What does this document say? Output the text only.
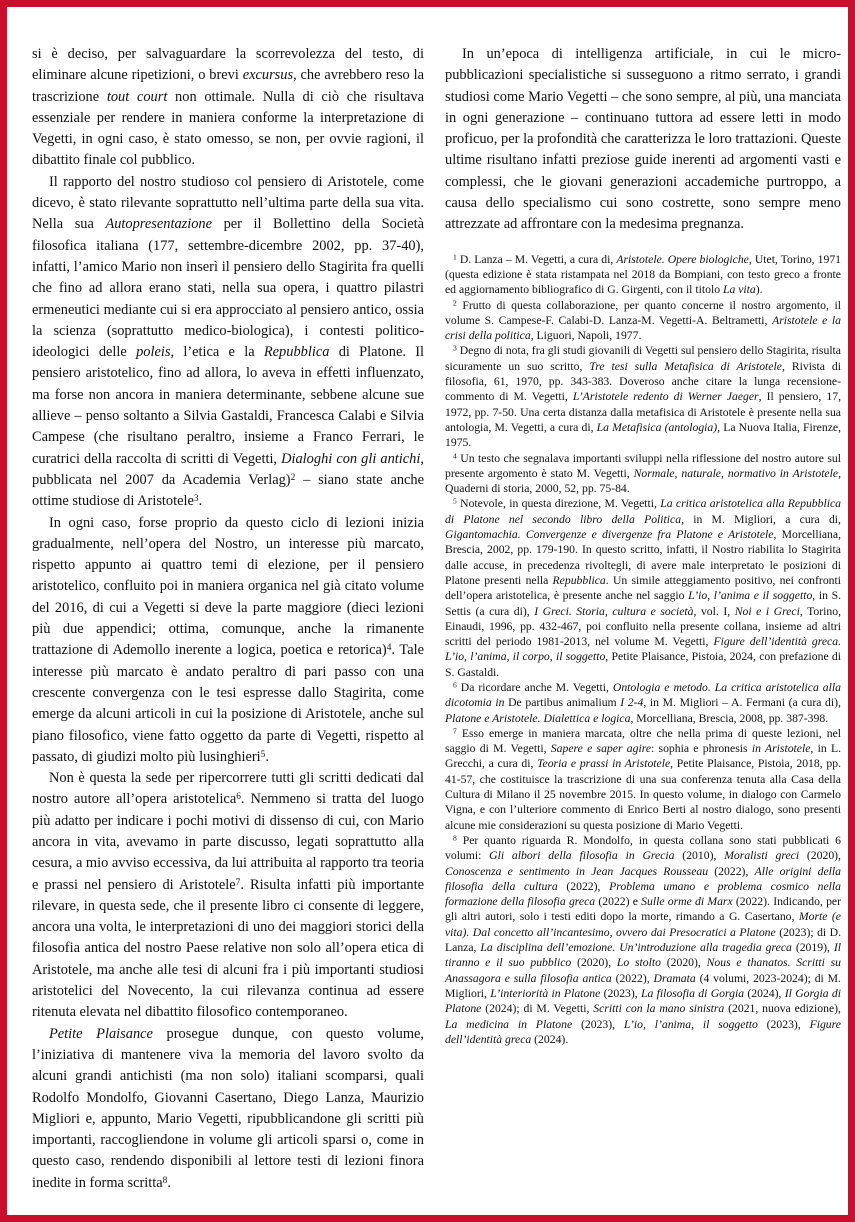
si è deciso, per salvaguardare la scorrevolezza del testo, di eliminare alcune ripetizioni, o brevi excursus, che avrebbero reso la trascrizione tout court non ottimale. Nulla di ciò che risultava essenziale per rendere in maniera conforme la interpretazione di Vegetti, in ogni caso, è stato omesso, se non, per ovvie ragioni, il dibattito finale col pubblico.

Il rapporto del nostro studioso col pensiero di Aristotele, come dicevo, è stato rilevante soprattutto nell’ultima parte della sua vita. Nella sua Autopresentazione per il Bollettino della Società filosofica italiana (177, settembre-dicembre 2002, pp. 37-40), infatti, l’amico Mario non inserì il pensiero dello Stagirita fra quelli che fino ad allora erano stati, nella sua opera, i quattro pilastri ermeneutici mediante cui si era approcciato al pensiero antico, ossia la scienza (soprattutto medico-biologica), i contesti politico-ideologici delle poleis, l’etica e la Repubblica di Platone. Il pensiero aristotelico, fino ad allora, lo aveva in effetti influenzato, ma forse non ancora in maniera determinante, sebbene alcune sue allieve – penso soltanto a Silvia Gastaldi, Francesca Calabi e Silvia Campese (che risultano peraltro, insieme a Franco Ferrari, le curatrici della raccolta di scritti di Vegetti, Dialoghi con gli antichi, pubblicata nel 2007 da Academia Verlag)$^2$ – siano state anche ottime studiose di Aristotele$^3$.

In ogni caso, forse proprio da questo ciclo di lezioni inizia gradualmente, nell’opera del Nostro, un interesse più marcato, rispetto appunto ai quattro temi di elezione, per il pensiero aristotelico, confluito poi in maniera organica nel già citato volume del 2016, di cui a Vegetti si deve la parte maggiore (dieci lezioni più due appendici; ottima, comunque, anche la rimanente trattazione di Ademollo inerente a logica, poetica e retorica)$^4$. Tale interesse più marcato è andato peraltro di pari passo con una crescente convergenza con le tesi espresse dallo Stagirita, come emerge da alcuni articoli in cui la posizione di Aristotele, anche sul piano filosofico, viene fatto oggetto da parte di Vegetti, rispetto al passato, di giudizi molto più lusinghieri$^5$.

Non è questa la sede per ripercorrere tutti gli scritti dedicati dal nostro autore all’opera aristotelica$^6$. Nemmeno si tratta del luogo più adatto per indicare i pochi motivi di dissenso di cui, con Mario ancora in vita, avevamo in parte discusso, legati soprattutto alla cesura, a mio avviso eccessiva, da lui attribuita al rapporto tra teoria e prassi nel pensiero di Aristotele$^7$. Risulta infatti più importante rilevare, in questa sede, che il presente libro ci consente di leggere, ancora una volta, le interpretazioni di uno dei maggiori storici della filosofia antica del nostro Paese relative non solo all’opera etica di Aristotele, ma anche alle tesi di alcuni fra i più importanti studiosi aristotelici del Novecento, la cui rilevanza continua ad essere ritenuta elevata nel dibattito filosofico contemporaneo.

Petite Plaisance prosegue dunque, con questo volume, l’iniziativa di mantenere viva la memoria del lavoro svolto da alcuni grandi antichisti (ma non solo) italiani scomparsi, quali Rodolfo Mondolfo, Giovanni Casertano, Diego Lanza, Maurizio Migliori e, appunto, Mario Vegetti, ripubblicandone gli scritti più importanti, raccogliendone in volume gli articoli sparsi o, come in questo caso, rendendo disponibili al lettore testi di lezioni finora inedite in forma scritta$^8$.

In un’epoca di intelligenza artificiale, in cui le micro-pubblicazioni specialistiche si susseguono a ritmo serrato, i grandi studiosi come Mario Vegetti – che sono sempre, al più, una manciata in ogni generazione – continuano tuttora ad essere letti in modo proficuo, per la profondità che caratterizza le loro trattazioni. Queste ultime risultano infatti preziose guide inerenti ad argomenti vasti e complessi, che le giovani generazioni accademiche purtroppo, a causa dello specialismo cui sono costrette, sono sempre meno attrezzate ad affrontare con la medesima pregnanza.

$^1$ D. Lanza – M. Vegetti, a cura di, Aristotele. Opere biologiche, Utet, Torino, 1971 (questa edizione è stata ristampata nel 2018 da Bompiani, con testo greco a fronte ed aggiornamento bibliografico di G. Girgenti, con il titolo La vita).

$^2$ Frutto di questa collaborazione, per quanto concerne il nostro argomento, il volume S. Campese-F. Calabi-D. Lanza-M. Vegetti-A. Beltrametti, Aristotele e la crisi della politica, Liguori, Napoli, 1977.

$^3$ Degno di nota, fra gli studi giovanili di Vegetti sul pensiero dello Stagirita, risulta sicuramente un suo scritto, Tre tesi sulla Metafisica di Aristotele, Rivista di filosofia, 61, 1970, pp. 343-383. Doveroso anche citare la lunga recensione-commento di M. Vegetti, L’Aristotele redento di Werner Jaeger, Il pensiero, 17, 1972, pp. 7-50. Una certa distanza dalla metafisica di Aristotele è presente nella sua antologia, M. Vegetti, a cura di, La Metafisica (antologia), La Nuova Italia, Firenze, 1975.

$^4$ Un testo che segnalava importanti sviluppi nella riflessione del nostro autore sul presente argomento è stato M. Vegetti, Normale, naturale, normativo in Aristotele, Quaderni di storia, 2000, 52, pp. 75-84.

$^5$ Notevole, in questa direzione, M. Vegetti, La critica aristotelica alla Repubblica di Platone nel secondo libro della Politica, in M. Migliori, a cura di, Gigantomachia. Convergenze e divergenze fra Platone e Aristotele, Morcelliana, Brescia, 2002, pp. 179-190. In questo scritto, infatti, il Nostro riabilita lo Stagirita dalle accuse, in precedenza rivoltegli, di avere male interpretato le posizioni di Platone presenti nella Repubblica. Un simile atteggiamento positivo, nei confronti dell’opera aristotelica, è presente anche nel saggio L’io, l’anima e il soggetto, in S. Settis (a cura di), I Greci. Storia, cultura e società, vol. I, Noi e i Greci, Torino, Einaudi, 1996, pp. 432-467, poi confluito nella presente collana, insieme ad altri scritti del periodo 1981-2013, nel volume M. Vegetti, Figure dell’identità greca. L’io, l’anima, il corpo, il soggetto, Petite Plaisance, Pistoia, 2024, con prefazione di S. Gastaldi.

$^6$ Da ricordare anche M. Vegetti, Ontologia e metodo. La critica aristotelica alla dicotomia in De partibus animalium I 2-4, in M. Migliori – A. Fermani (a cura di), Platone e Aristotele. Dialettica e logica, Morcelliana, Brescia, 2008, pp. 387-398.

$^7$ Esso emerge in maniera marcata, oltre che nella prima di queste lezioni, nel saggio di M. Vegetti, Sapere e saper agire: sophia e phronesis in Aristotele, in L. Grecchi, a cura di, Teoria e prassi in Aristotele, Petite Plaisance, Pistoia, 2018, pp. 41-57, che costituisce la trascrizione di una sua conferenza tenuta alla Casa della Cultura di Milano il 25 novembre 2015. In questo volume, in dialogo con Carmelo Vigna, e con l’ulteriore commento di Enrico Berti al nostro dialogo, sono presenti alcune mie considerazioni su questa posizione di Mario Vegetti.

$^8$ Per quanto riguarda R. Mondolfo, in questa collana sono stati pubblicati 6 volumi: Gli albori della filosofia in Grecia (2010), Moralisti greci (2020), Conoscenza e sentimento in Jean Jacques Rousseau (2022), Alle origini della filosofia della cultura (2022), Problema umano e problema cosmico nella formazione della filosofia greca (2022) e Sulle orme di Marx (2022). Indicando, per gli altri autori, solo i testi editi dopo la morte, rimando a G. Casertano, Morte (e vita). Dal concetto all’incantesimo, ovvero dai Presocratici a Platone (2023); di D. Lanza, La disciplina dell’emozione. Un’introduzione alla tragedia greca (2019), Il tiranno e il suo pubblico (2020), Lo stolto (2020), Nous e thanatos. Scritti su Anassagora e sulla filosofia antica (2022), Dramata (4 volumi, 2023-2024); di M. Migliori, L’interiorità in Platone (2023), La filosofia di Gorgia (2024), Il Gorgia di Platone (2024); di M. Vegetti, Scritti con la mano sinistra (2021, nuova edizione), La medicina in Platone (2023), L’io, l’anima, il soggetto (2023), Figure dell’identità greca (2024).
